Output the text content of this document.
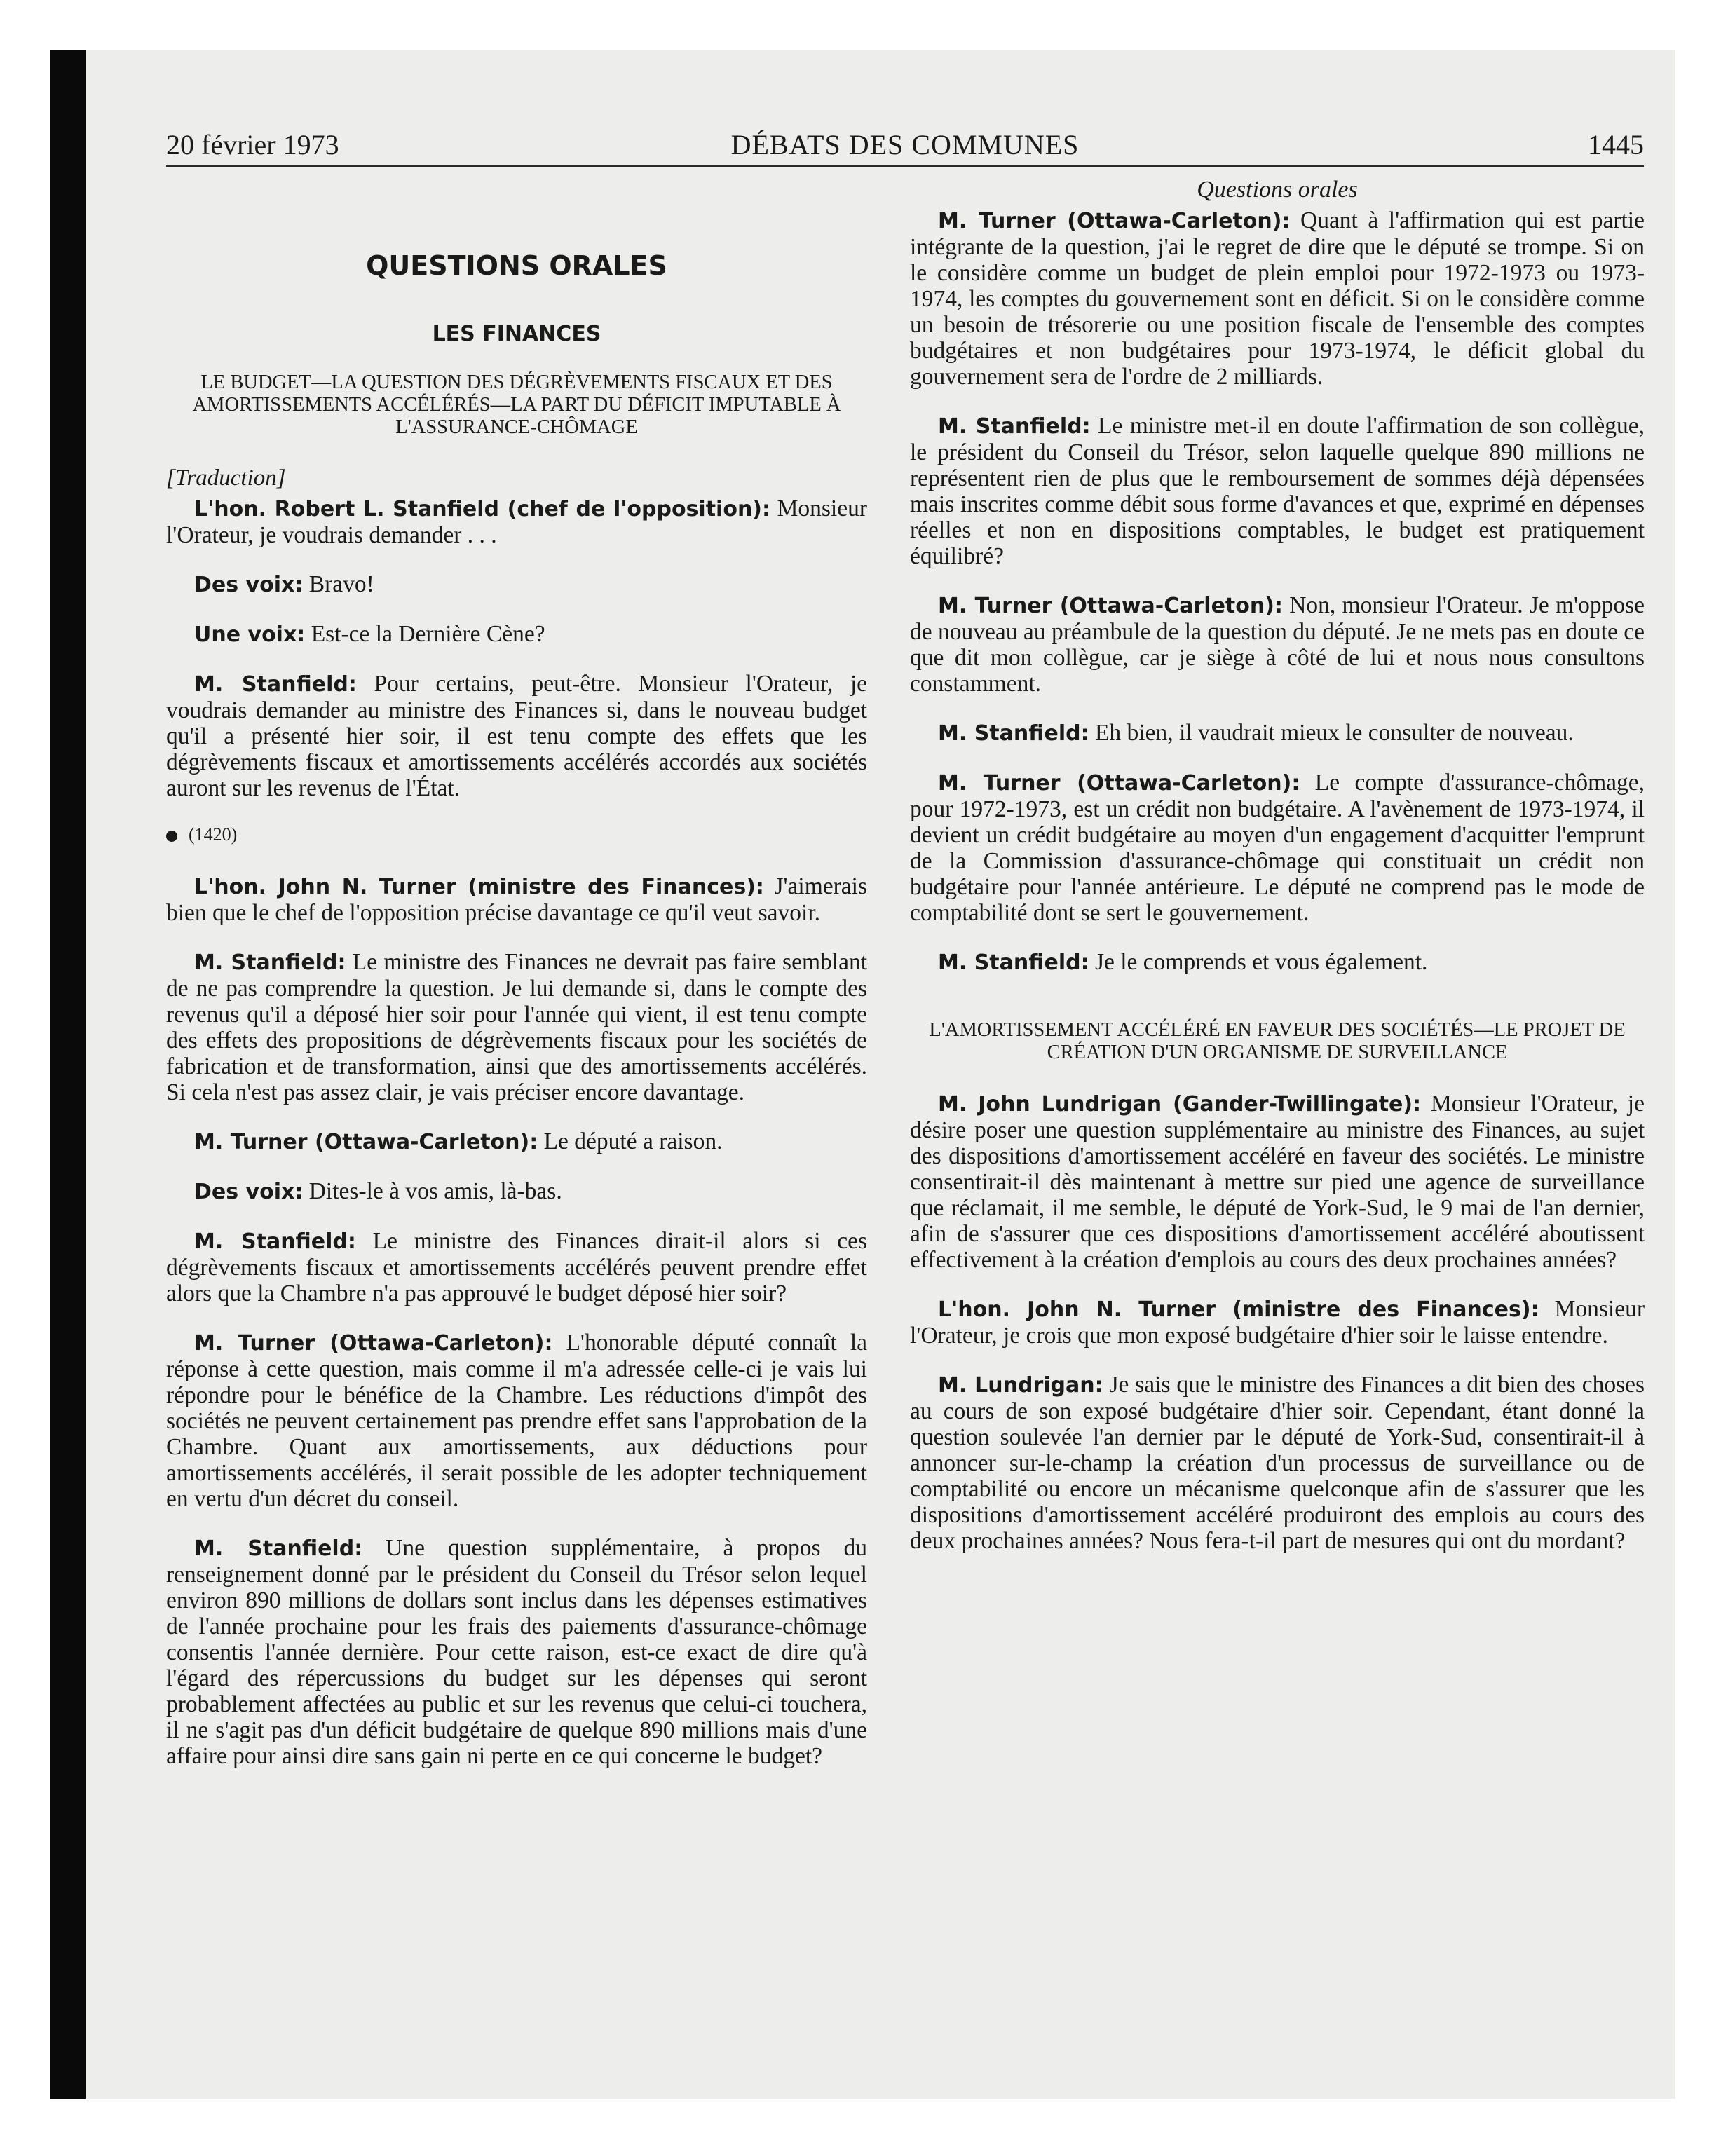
20 février 1973	DÉBATS DES COMMUNES	1445
QUESTIONS ORALES
LES FINANCES
LE BUDGET—LA QUESTION DES DÉGRÈVEMENTS FISCAUX ET DES AMORTISSEMENTS ACCÉLÉRÉS—LA PART DU DÉFICIT IMPUTABLE À L'ASSURANCE-CHÔMAGE
[Traduction]

L'hon. Robert L. Stanfield (chef de l'opposition): Monsieur l'Orateur, je voudrais demander . . .

Des voix: Bravo!

Une voix: Est-ce la Dernière Cène?

M. Stanfield: Pour certains, peut-être. Monsieur l'Orateur, je voudrais demander au ministre des Finances si, dans le nouveau budget qu'il a présenté hier soir, il est tenu compte des effets que les dégrèvements fiscaux et amortissements accélérés accordés aux sociétés auront sur les revenus de l'État.

(1420)

L'hon. John N. Turner (ministre des Finances): J'aimerais bien que le chef de l'opposition précise davantage ce qu'il veut savoir.

M. Stanfield: Le ministre des Finances ne devrait pas faire semblant de ne pas comprendre la question. Je lui demande si, dans le compte des revenus qu'il a déposé hier soir pour l'année qui vient, il est tenu compte des effets des propositions de dégrèvements fiscaux pour les sociétés de fabrication et de transformation, ainsi que des amortissements accélérés. Si cela n'est pas assez clair, je vais préciser encore davantage.

M. Turner (Ottawa-Carleton): Le député a raison.

Des voix: Dites-le à vos amis, là-bas.

M. Stanfield: Le ministre des Finances dirait-il alors si ces dégrèvements fiscaux et amortissements accélérés peuvent prendre effet alors que la Chambre n'a pas approuvé le budget déposé hier soir?

M. Turner (Ottawa-Carleton): L'honorable député connaît la réponse à cette question, mais comme il m'a adressée celle-ci je vais lui répondre pour le bénéfice de la Chambre. Les réductions d'impôt des sociétés ne peuvent certainement pas prendre effet sans l'approbation de la Chambre. Quant aux amortissements, aux déductions pour amortissements accélérés, il serait possible de les adopter techniquement en vertu d'un décret du conseil.

M. Stanfield: Une question supplémentaire, à propos du renseignement donné par le président du Conseil du Trésor selon lequel environ 890 millions de dollars sont inclus dans les dépenses estimatives de l'année prochaine pour les frais des paiements d'assurance-chômage consentis l'année dernière. Pour cette raison, est-ce exact de dire qu'à l'égard des répercussions du budget sur les dépenses qui seront probablement affectées au public et sur les revenus que celui-ci touchera, il ne s'agit pas d'un déficit budgétaire de quelque 890 millions mais d'une affaire pour ainsi dire sans gain ni perte en ce qui concerne le budget?

Questions orales

M. Turner (Ottawa-Carleton): Quant à l'affirmation qui est partie intégrante de la question, j'ai le regret de dire que le député se trompe. Si on le considère comme un budget de plein emploi pour 1972-1973 ou 1973-1974, les comptes du gouvernement sont en déficit. Si on le considère comme un besoin de trésorerie ou une position fiscale de l'ensemble des comptes budgétaires et non budgétaires pour 1973-1974, le déficit global du gouvernement sera de l'ordre de 2 milliards.

M. Stanfield: Le ministre met-il en doute l'affirmation de son collègue, le président du Conseil du Trésor, selon laquelle quelque 890 millions ne représentent rien de plus que le remboursement de sommes déjà dépensées mais inscrites comme débit sous forme d'avances et que, exprimé en dépenses réelles et non en dispositions comptables, le budget est pratiquement équilibré?

M. Turner (Ottawa-Carleton): Non, monsieur l'Orateur. Je m'oppose de nouveau au préambule de la question du député. Je ne mets pas en doute ce que dit mon collègue, car je siège à côté de lui et nous nous consultons constamment.

M. Stanfield: Eh bien, il vaudrait mieux le consulter de nouveau.

M. Turner (Ottawa-Carleton): Le compte d'assurance-chômage, pour 1972-1973, est un crédit non budgétaire. A l'avènement de 1973-1974, il devient un crédit budgétaire au moyen d'un engagement d'acquitter l'emprunt de la Commission d'assurance-chômage qui constituait un crédit non budgétaire pour l'année antérieure. Le député ne comprend pas le mode de comptabilité dont se sert le gouvernement.

M. Stanfield: Je le comprends et vous également.

L'AMORTISSEMENT ACCÉLÉRÉ EN FAVEUR DES SOCIÉTÉS—LE PROJET DE CRÉATION D'UN ORGANISME DE SURVEILLANCE

M. John Lundrigan (Gander-Twillingate): Monsieur l'Orateur, je désire poser une question supplémentaire au ministre des Finances, au sujet des dispositions d'amortissement accéléré en faveur des sociétés. Le ministre consentirait-il dès maintenant à mettre sur pied une agence de surveillance que réclamait, il me semble, le député de York-Sud, le 9 mai de l'an dernier, afin de s'assurer que ces dispositions d'amortissement accéléré aboutissent effectivement à la création d'emplois au cours des deux prochaines années?

L'hon. John N. Turner (ministre des Finances): Monsieur l'Orateur, je crois que mon exposé budgétaire d'hier soir le laisse entendre.

M. Lundrigan: Je sais que le ministre des Finances a dit bien des choses au cours de son exposé budgétaire d'hier soir. Cependant, étant donné la question soulevée l'an dernier par le député de York-Sud, consentirait-il à annoncer sur-le-champ la création d'un processus de surveillance ou de comptabilité ou encore un mécanisme quelconque afin de s'assurer que les dispositions d'amortissement accéléré produiront des emplois au cours des deux prochaines années? Nous fera-t-il part de mesures qui ont du mordant?
